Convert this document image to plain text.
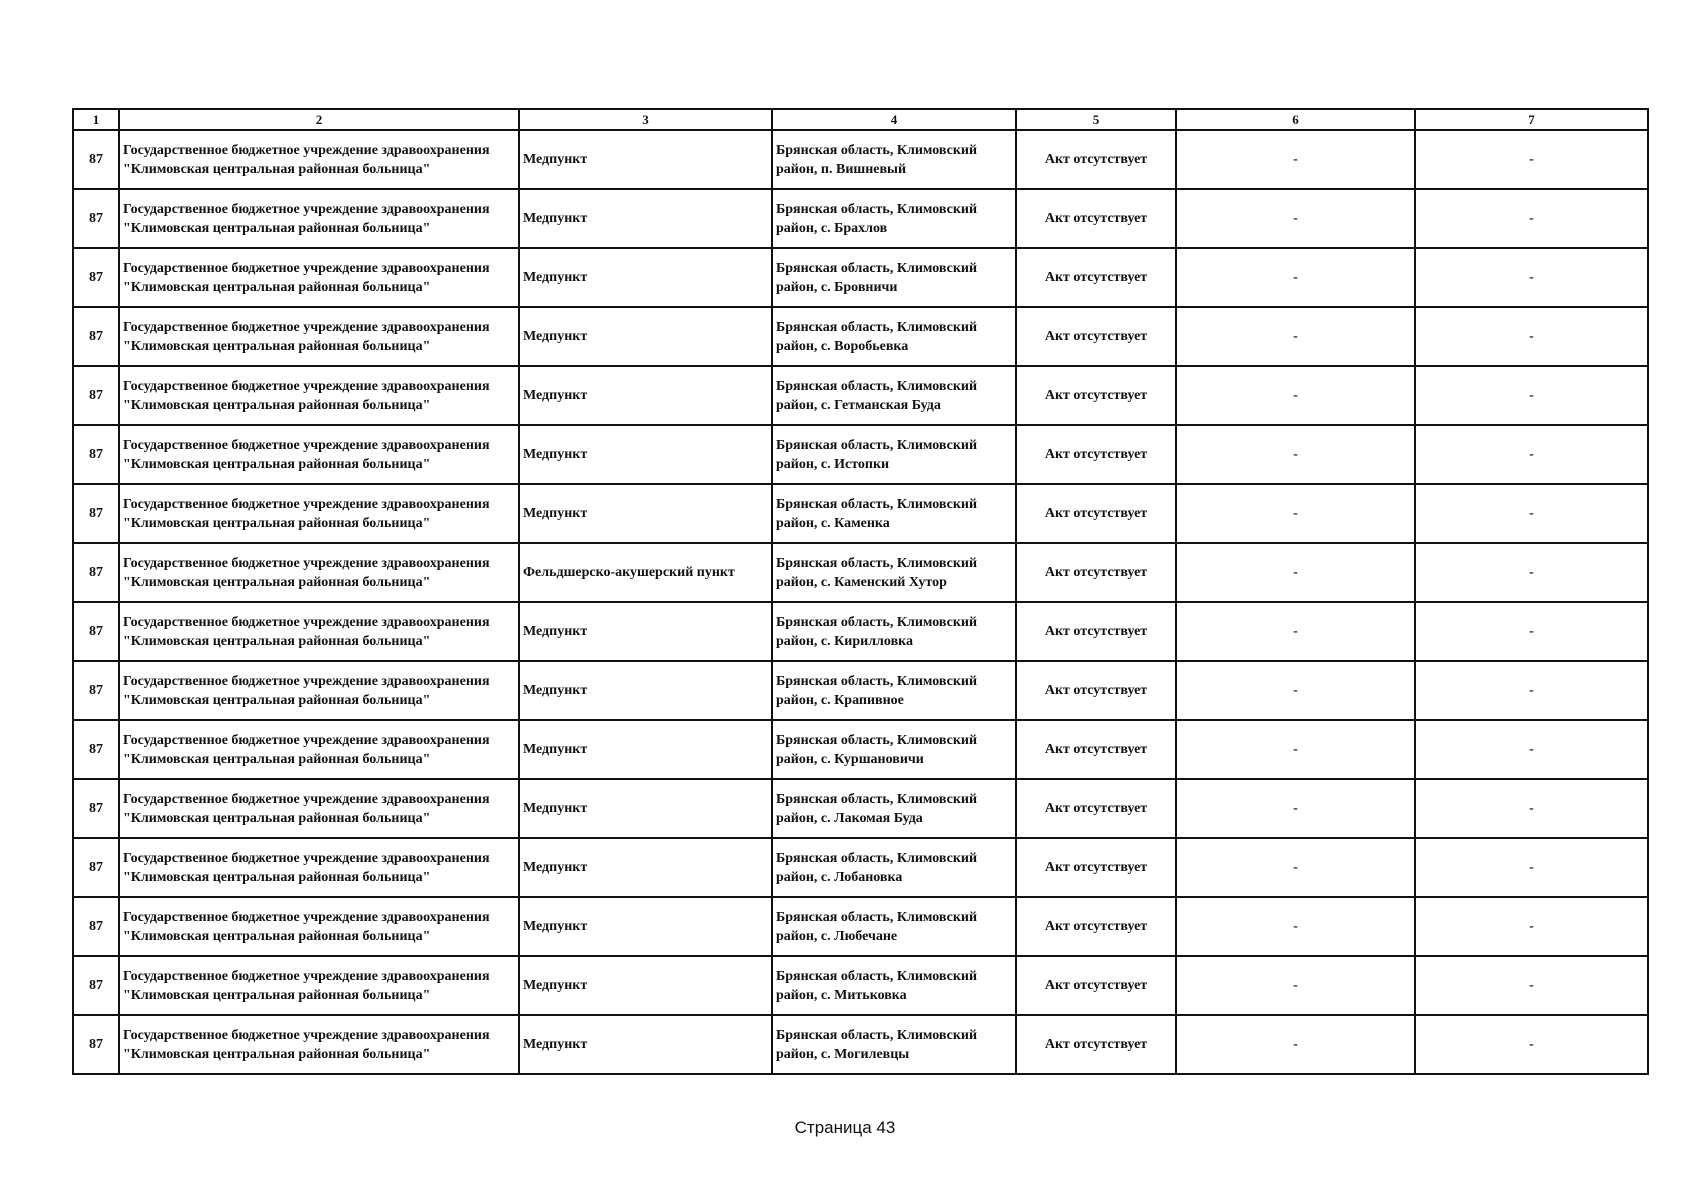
1	2	3	4	5	6	7
87	Государственное бюджетное учреждение здравоохранения "Климовская центральная районная больница"	Медпункт	Брянская область, Климовский район, п. Вишневый	Акт отсутствует	-	-
87	Государственное бюджетное учреждение здравоохранения "Климовская центральная районная больница"	Медпункт	Брянская область, Климовский район, с. Брахлов	Акт отсутствует	-	-
87	Государственное бюджетное учреждение здравоохранения "Климовская центральная районная больница"	Медпункт	Брянская область, Климовский район, с. Бровничи	Акт отсутствует	-	-
87	Государственное бюджетное учреждение здравоохранения "Климовская центральная районная больница"	Медпункт	Брянская область, Климовский район, с. Воробьевка	Акт отсутствует	-	-
87	Государственное бюджетное учреждение здравоохранения "Климовская центральная районная больница"	Медпункт	Брянская область, Климовский район, с. Гетманская Буда	Акт отсутствует	-	-
87	Государственное бюджетное учреждение здравоохранения "Климовская центральная районная больница"	Медпункт	Брянская область, Климовский район, с. Истопки	Акт отсутствует	-	-
87	Государственное бюджетное учреждение здравоохранения "Климовская центральная районная больница"	Медпункт	Брянская область, Климовский район, с. Каменка	Акт отсутствует	-	-
87	Государственное бюджетное учреждение здравоохранения "Климовская центральная районная больница"	Фельдшерско-акушерский пункт	Брянская область, Климовский район, с. Каменский Хутор	Акт отсутствует	-	-
87	Государственное бюджетное учреждение здравоохранения "Климовская центральная районная больница"	Медпункт	Брянская область, Климовский район, с. Кирилловка	Акт отсутствует	-	-
87	Государственное бюджетное учреждение здравоохранения "Климовская центральная районная больница"	Медпункт	Брянская область, Климовский район, с. Крапивное	Акт отсутствует	-	-
87	Государственное бюджетное учреждение здравоохранения "Климовская центральная районная больница"	Медпункт	Брянская область, Климовский район, с. Куршановичи	Акт отсутствует	-	-
87	Государственное бюджетное учреждение здравоохранения "Климовская центральная районная больница"	Медпункт	Брянская область, Климовский район, с. Лакомая Буда	Акт отсутствует	-	-
87	Государственное бюджетное учреждение здравоохранения "Климовская центральная районная больница"	Медпункт	Брянская область, Климовский район, с. Лобановка	Акт отсутствует	-	-
87	Государственное бюджетное учреждение здравоохранения "Климовская центральная районная больница"	Медпункт	Брянская область, Климовский район, с. Любечане	Акт отсутствует	-	-
87	Государственное бюджетное учреждение здравоохранения "Климовская центральная районная больница"	Медпункт	Брянская область, Климовский район, с. Митьковка	Акт отсутствует	-	-
87	Государственное бюджетное учреждение здравоохранения "Климовская центральная районная больница"	Медпункт	Брянская область, Климовский район, с. Могилевцы	Акт отсутствует	-	-
Страница 43
